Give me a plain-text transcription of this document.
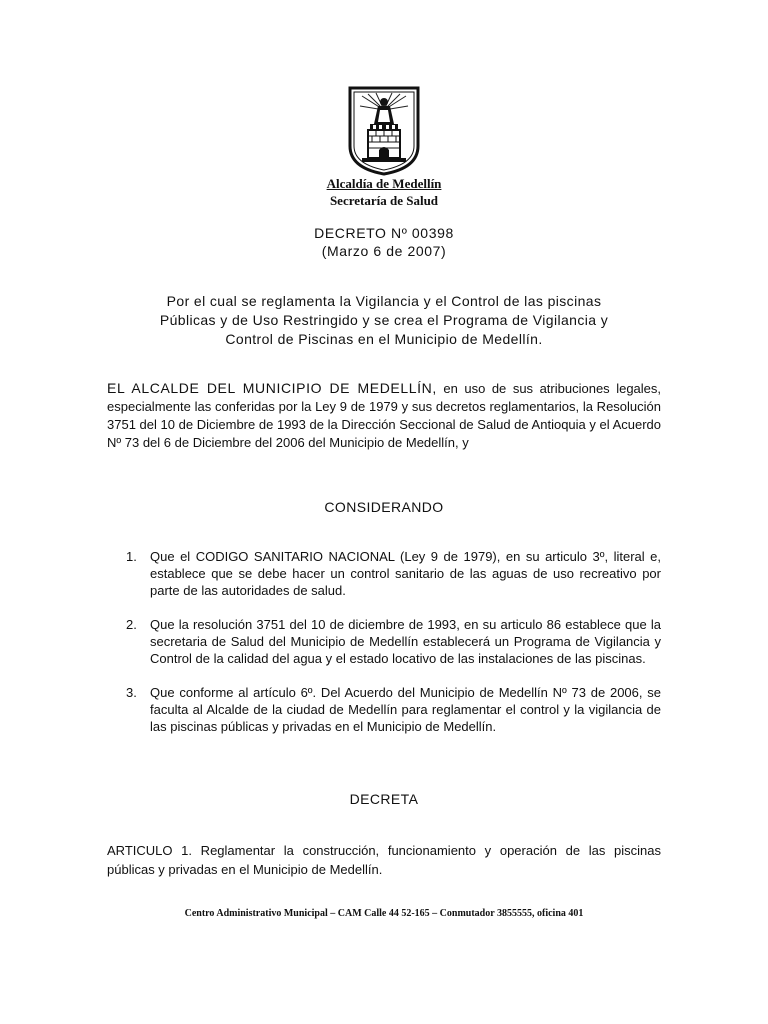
Alcaldía de Medellín
Secretaría de Salud
DECRETO Nº 00398
(Marzo 6 de 2007)
Por el cual se reglamenta la Vigilancia y el Control de las piscinas
Públicas y de Uso Restringido y se crea el Programa de Vigilancia y
Control de Piscinas en el Municipio de Medellín.
EL ALCALDE DEL MUNICIPIO DE MEDELLÍN, en uso de sus atribuciones legales, especialmente las conferidas por la Ley 9 de 1979 y sus decretos reglamentarios, la Resolución 3751 del 10 de Diciembre de 1993 de la Dirección Seccional de Salud de Antioquia y el Acuerdo Nº 73 del 6 de Diciembre del 2006 del Municipio de Medellín, y
CONSIDERANDO
1. Que el CODIGO SANITARIO NACIONAL (Ley 9 de 1979), en su articulo 3º, literal e, establece que se debe hacer un control sanitario de las aguas de uso recreativo por parte de las autoridades de salud.
2. Que la resolución 3751 del 10 de diciembre de 1993, en su articulo 86 establece que la secretaria de Salud del Municipio de Medellín establecerá un Programa de Vigilancia y Control de la calidad del agua y el estado locativo de las instalaciones de las piscinas.
3. Que conforme al artículo 6º. Del Acuerdo del Municipio de Medellín Nº 73 de 2006, se faculta al Alcalde de la ciudad de Medellín para reglamentar el control y la vigilancia de las piscinas públicas y privadas en el Municipio de Medellín.
DECRETA
ARTICULO 1. Reglamentar la construcción, funcionamiento y operación de las piscinas públicas y privadas en el Municipio de Medellín.
Centro Administrativo Municipal – CAM Calle 44 52-165 – Conmutador 3855555, oficina 401
